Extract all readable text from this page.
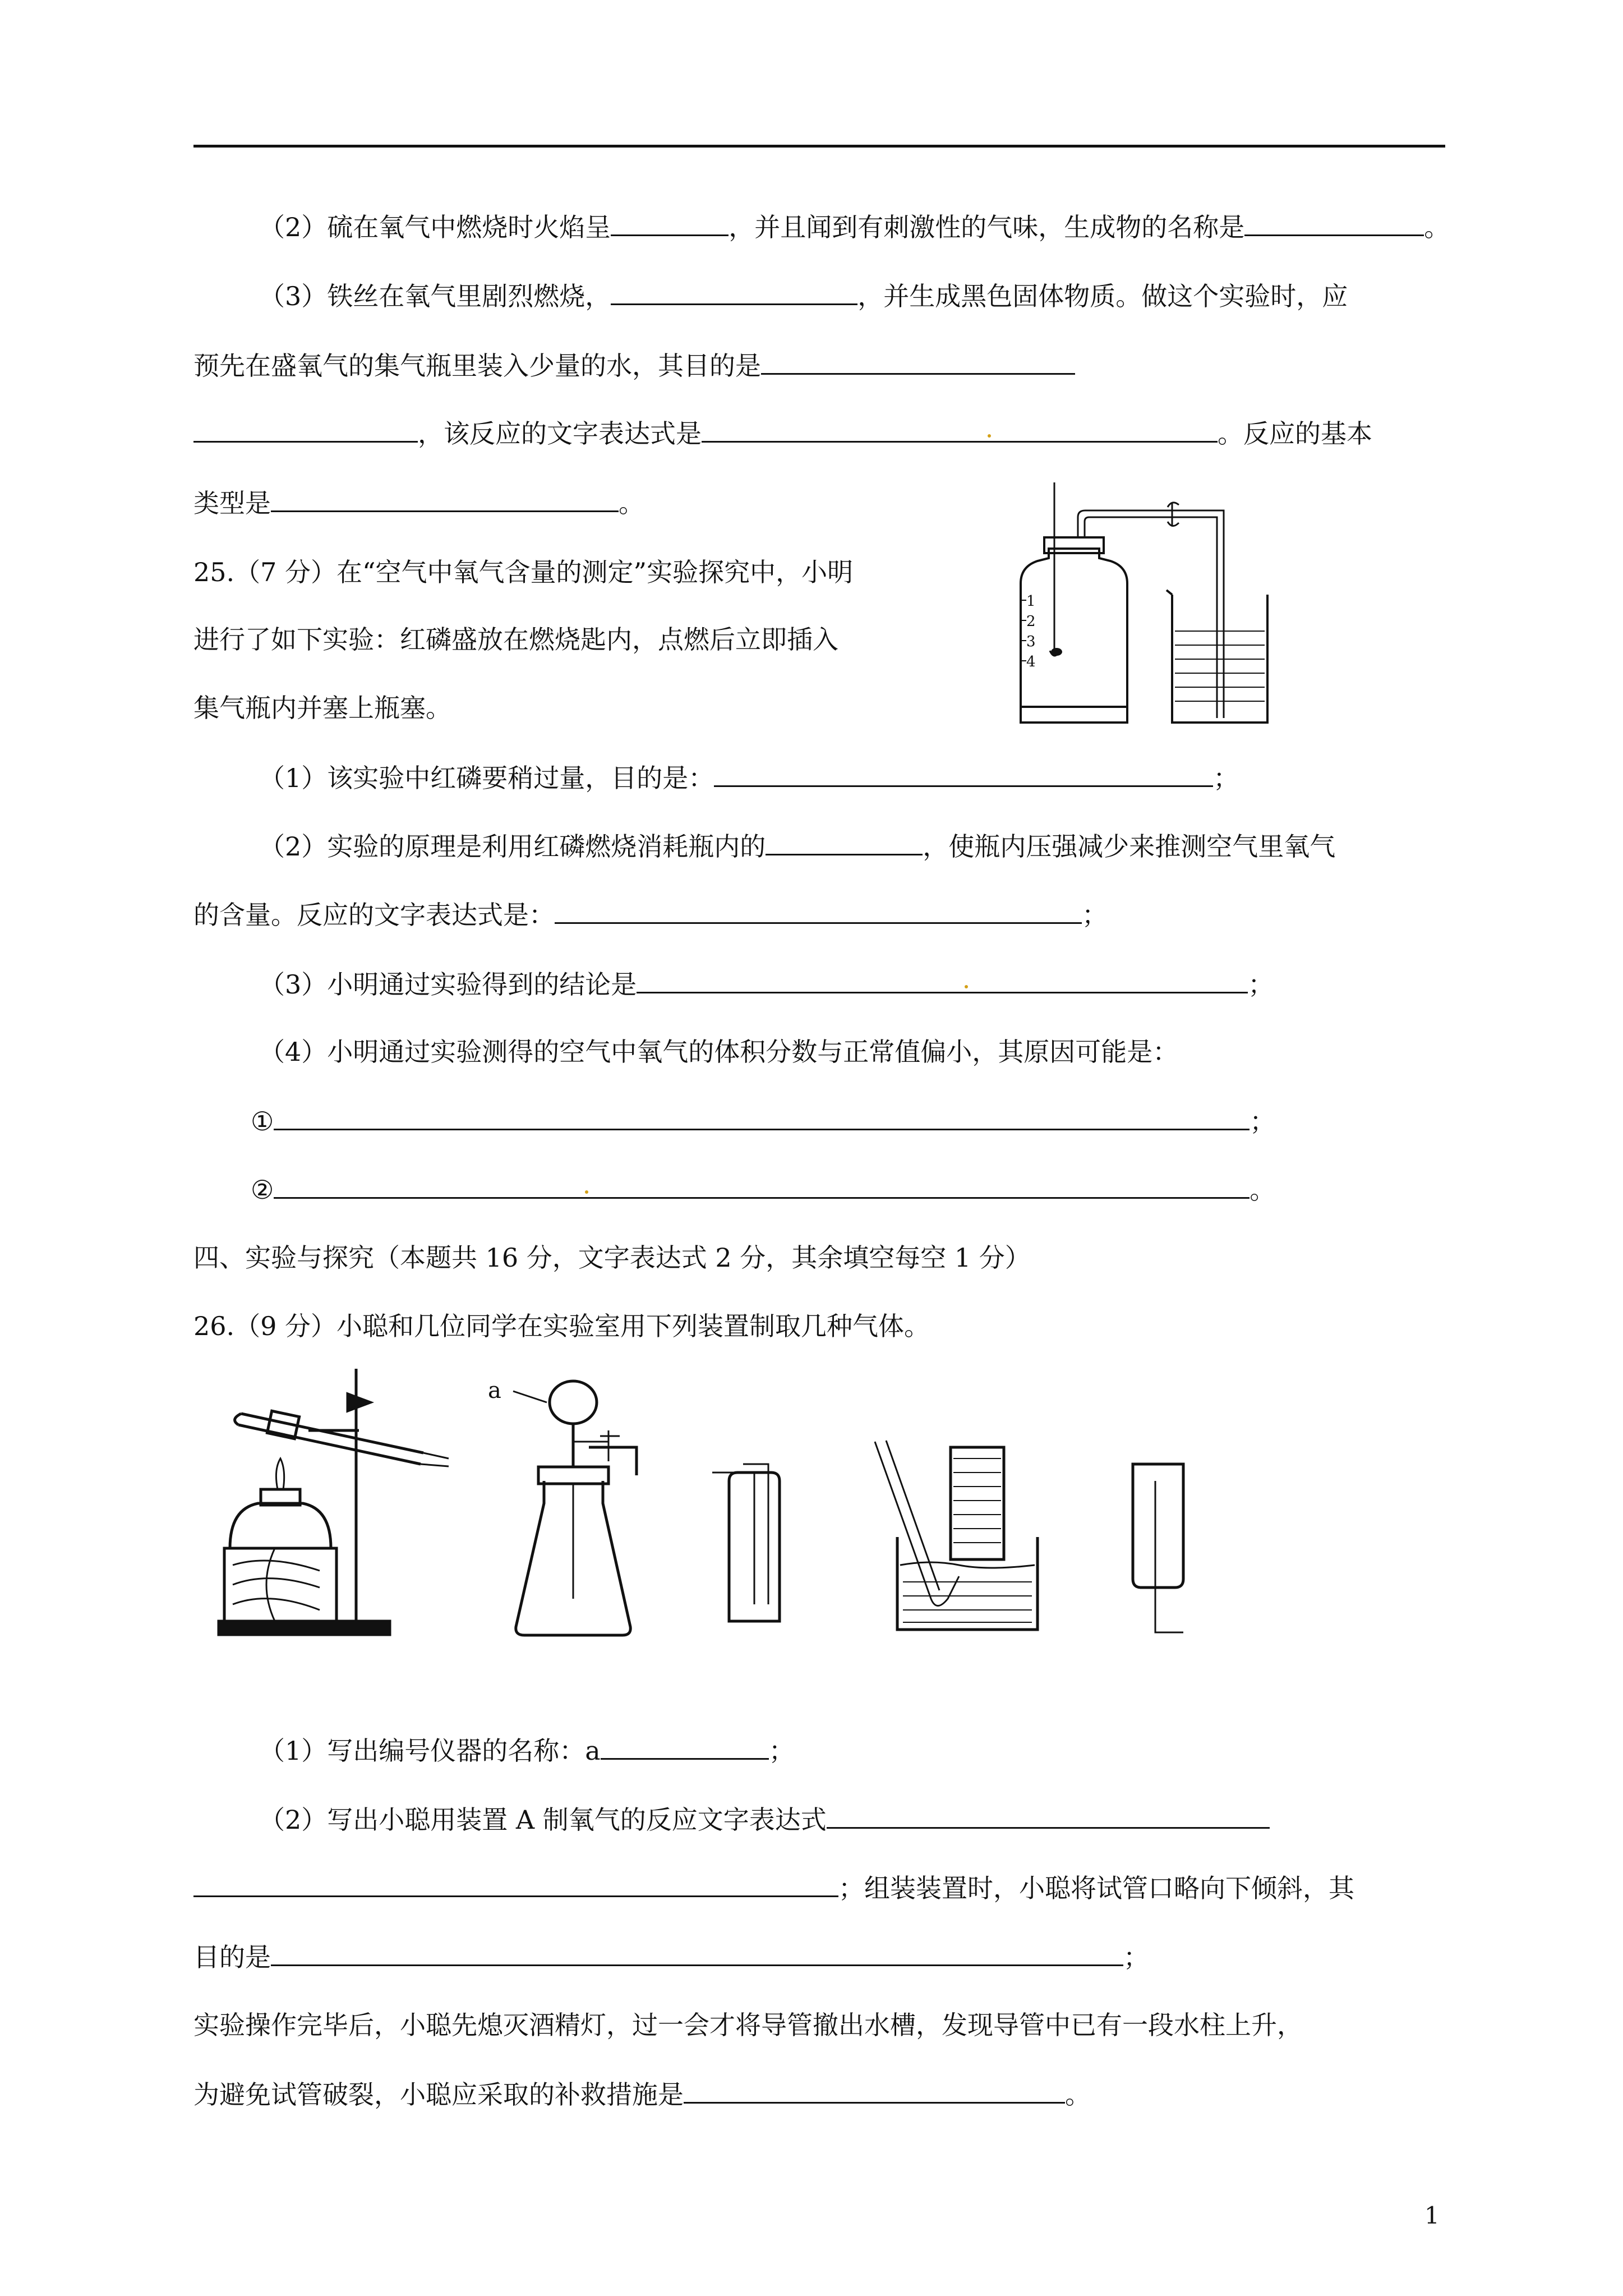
（2）硫在氧气中燃烧时火焰呈	，并且闻到有刺激性的气味，生成物的名称是	。
（3）铁丝在氧气里剧烈燃烧，	，并生成黑色固体物质。做这个实验时，应
预先在盛氧气的集气瓶里装入少量的水，其目的是
，该反应的文字表达式是	。反应的基本
类型是	。
25.（7 分）在“空气中氧气含量的测定”实验探究中，小明
进行了如下实验：红磷盛放在燃烧匙内，点燃后立即插入
集气瓶内并塞上瓶塞。
1
2
3
4
（1）该实验中红磷要稍过量，目的是：	；
（2）实验的原理是利用红磷燃烧消耗瓶内的	，使瓶内压强减少来推测空气里氧气
的含量。反应的文字表达式是：	；
（3）小明通过实验得到的结论是	；
（4）小明通过实验测得的空气中氧气的体积分数与正常值偏小，其原因可能是：
①	；
②	。
四、实验与探究（本题共 16 分，文字表达式 2 分，其余填空每空 1 分）
26.（9 分）小聪和几位同学在实验室用下列装置制取几种气体。
a
（1）写出编号仪器的名称：a	；
（2）写出小聪用装置 A 制氧气的反应文字表达式
；组装装置时，小聪将试管口略向下倾斜，其
目的是	；
实验操作完毕后，小聪先熄灭酒精灯，过一会才将导管撤出水槽，发现导管中已有一段水柱上升，
为避免试管破裂，小聪应采取的补救措施是	。
1
